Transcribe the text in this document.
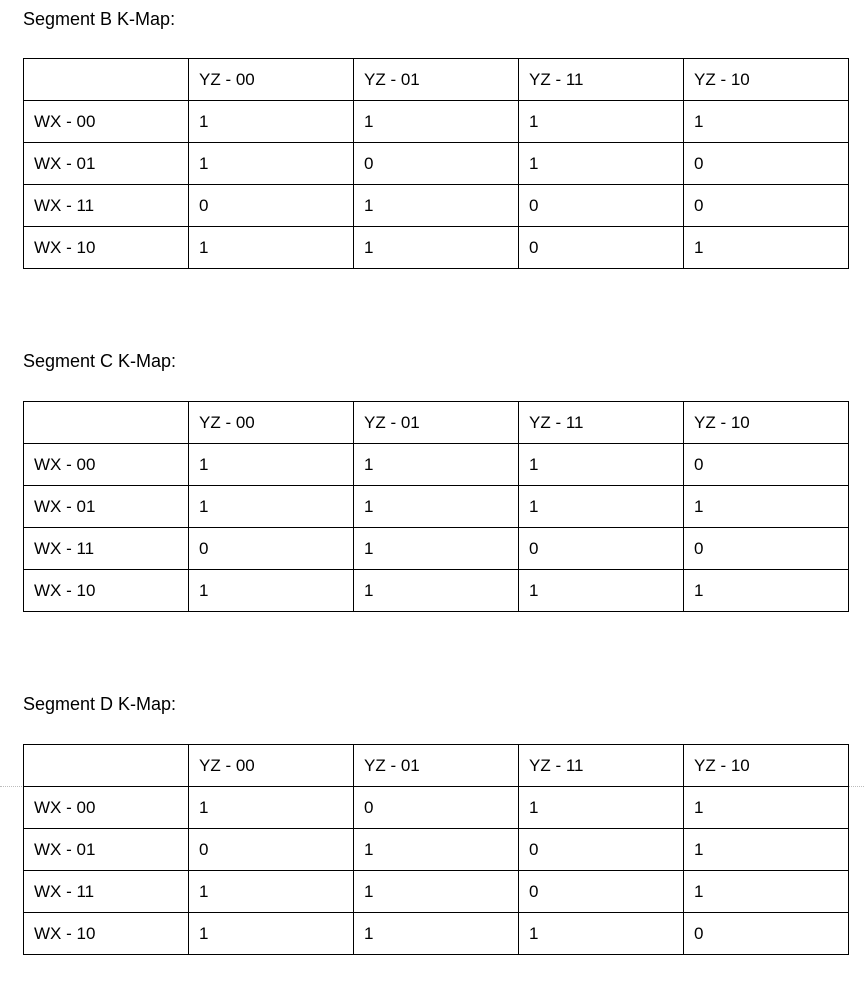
Segment B K-Map:

	YZ - 00	YZ - 01	YZ - 11	YZ - 10
WX - 00	1	1	1	1
WX - 01	1	0	1	0
WX - 11	0	1	0	0
WX - 10	1	1	0	1

Segment C K-Map:

	YZ - 00	YZ - 01	YZ - 11	YZ - 10
WX - 00	1	1	1	0
WX - 01	1	1	1	1
WX - 11	0	1	0	0
WX - 10	1	1	1	1

Segment D K-Map:

	YZ - 00	YZ - 01	YZ - 11	YZ - 10
WX - 00	1	0	1	1
WX - 01	0	1	0	1
WX - 11	1	1	0	1
WX - 10	1	1	1	0
